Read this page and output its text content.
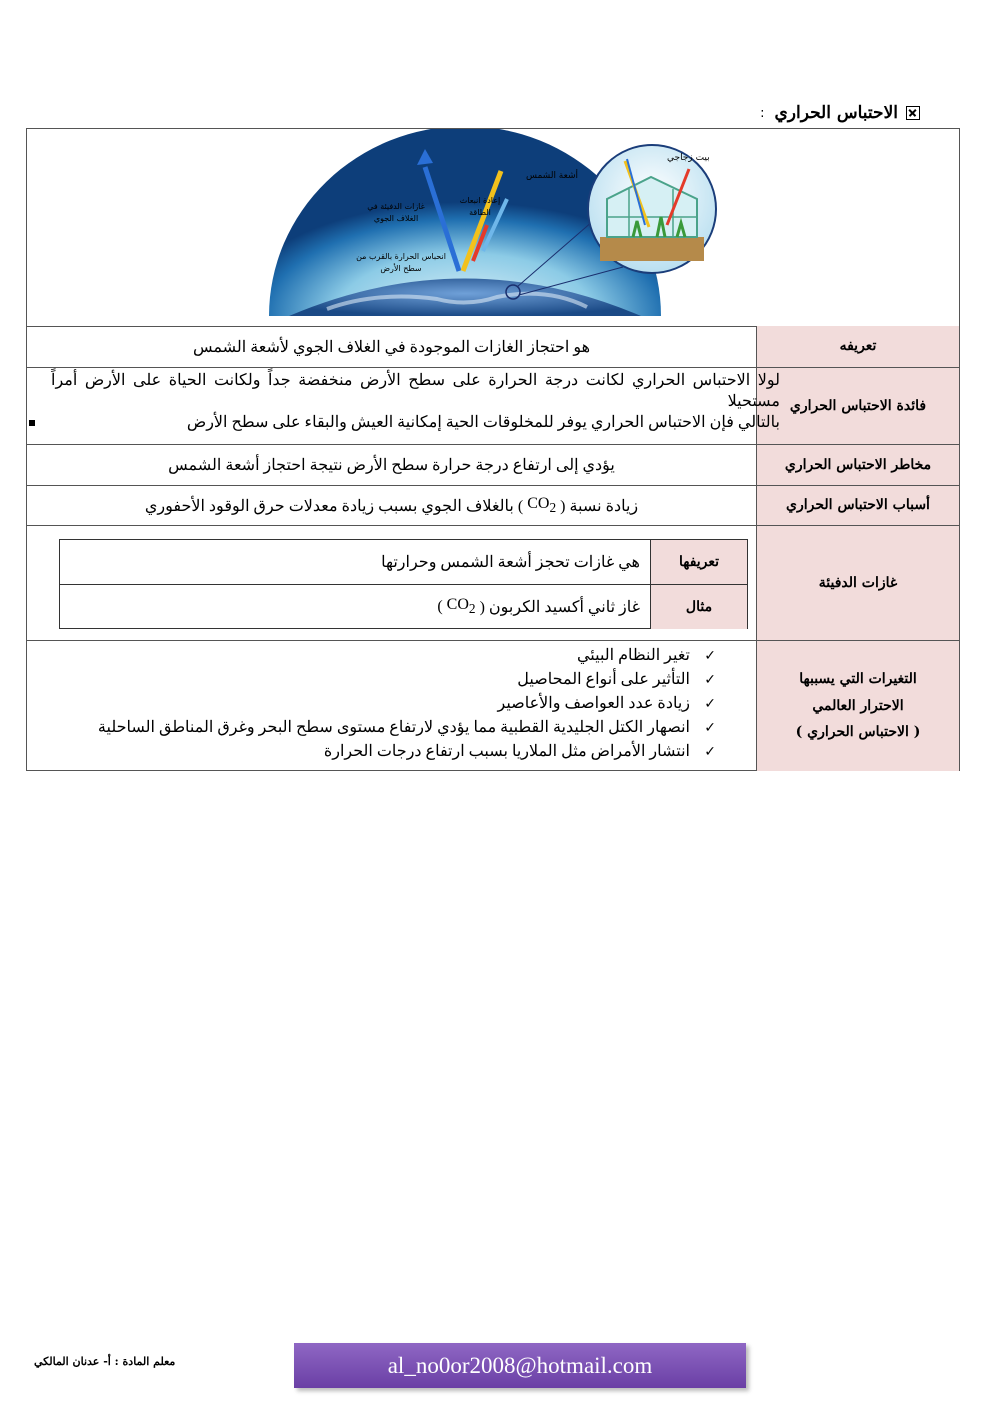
الاحتباس الحراري
:
أشعة الشمس
بيت زجاجي
إعادة انبعاث الطاقة
غازات الدفيئة في الغلاف الجوي
انحباس الحرارة بالقرب من سطح الأرض
تعريفه
هو احتجاز الغازات الموجودة في الغلاف الجوي لأشعة الشمس
فائدة الاحتباس الحراري
لولا الاحتباس الحراري لكانت درجة الحرارة على سطح الأرض منخفضة جداً ولكانت الحياة على الأرض أمراً مستحيلا
بالتالي فإن الاحتباس الحراري يوفر للمخلوقات الحية إمكانية العيش والبقاء على سطح الأرض
مخاطر الاحتباس الحراري
يؤدي إلى ارتفاع درجة حرارة سطح الأرض نتيجة احتجاز أشعة الشمس
أسباب الاحتباس الحراري
زيادة نسبة (

$CO_2$

) بالغلاف الجوي بسبب زيادة معدلات حرق الوقود الأحفوري
غازات الدفيئة
تعريفها
هي غازات تحجز أشعة الشمس وحرارتها
مثال
غاز ثاني أكسيد الكربون (

$CO_2$

)
التغيرات التي يسببها
الاحترار العالمي
( الاحتباس الحراري )
✓
تغير النظام البيئي
✓
التأثير على أنواع المحاصيل
✓
زيادة عدد العواصف والأعاصير
✓
انصهار الكتل الجليدية القطبية مما يؤدي لارتفاع مستوى سطح البحر وغرق المناطق الساحلية
✓
انتشار الأمراض مثل الملاريا بسبب ارتفاع درجات الحرارة
معلم المادة : أ- عدنان المالكي	al_no0or2008@hotmail.com
